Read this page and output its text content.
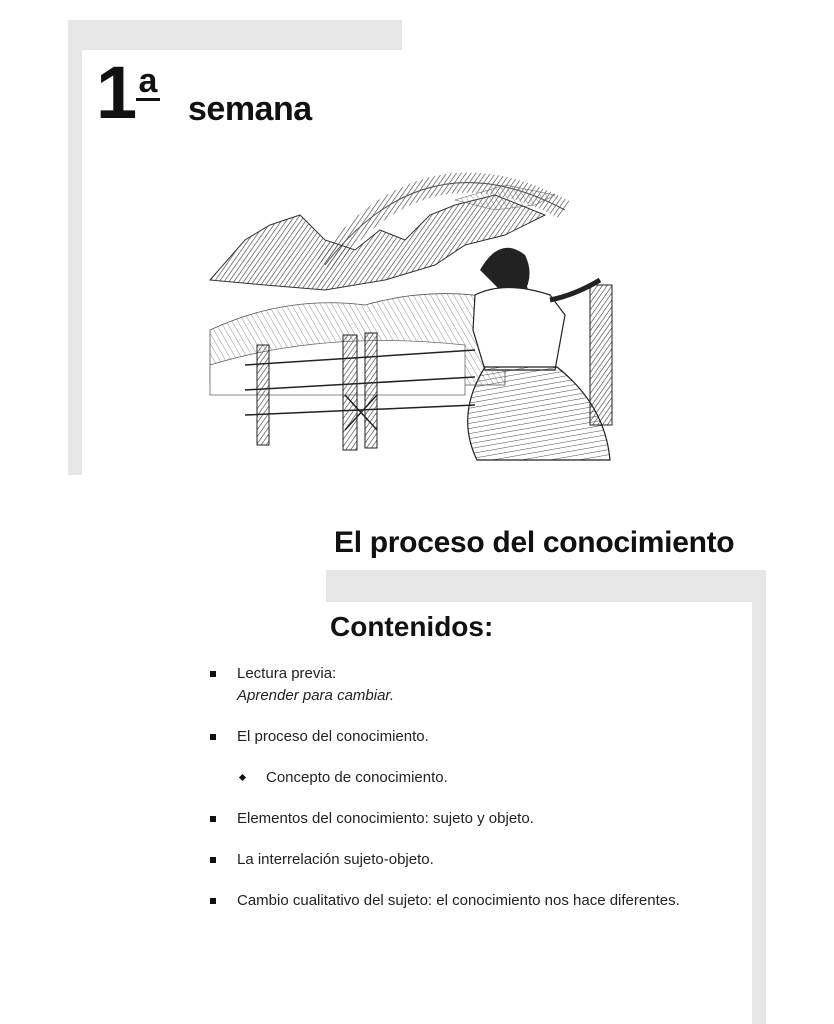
1 a
semana
El proceso del conocimiento
Contenidos:
Lectura previa:
Aprender para cambiar.
El proceso del conocimiento.
Concepto de conocimiento.
Elementos del conocimiento: sujeto y objeto.
La interrelación sujeto-objeto.
Cambio cualitativo del sujeto: el conocimiento nos hace diferentes.
